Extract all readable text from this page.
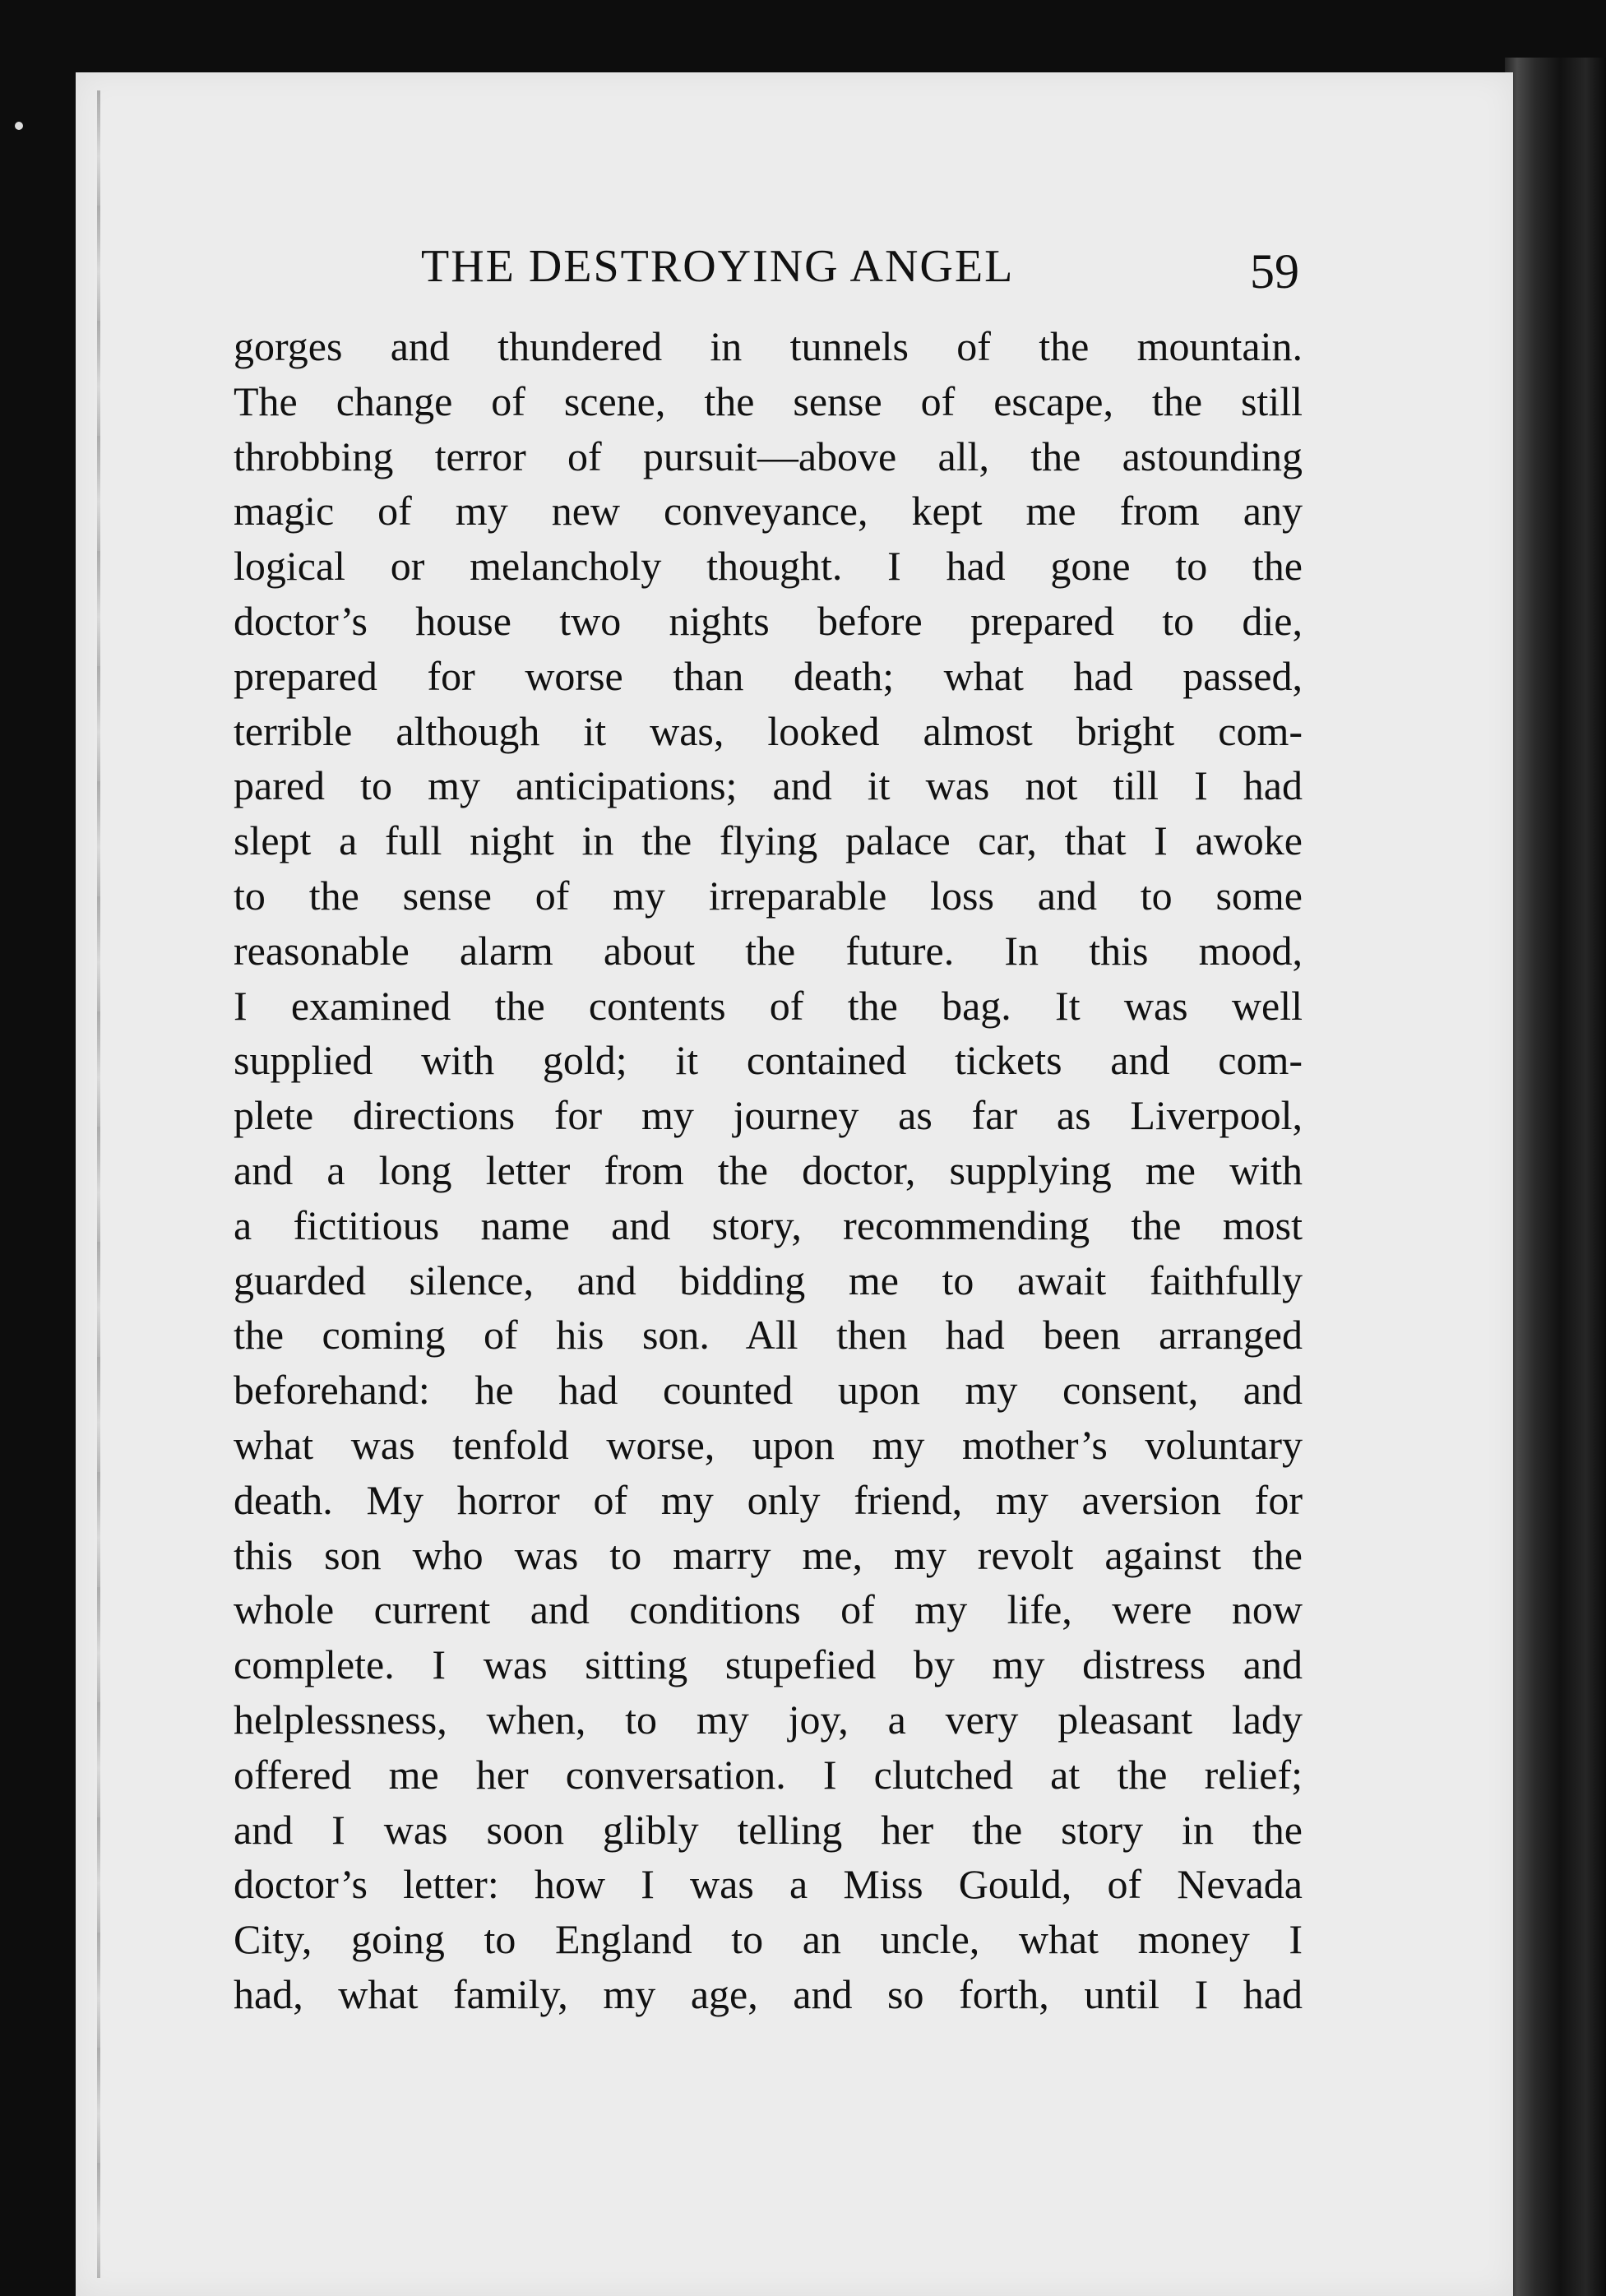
THE DESTROYING ANGEL	59
gorges and thundered in tunnels of the mountain.
The change of scene, the sense of escape, the still
throbbing terror of pursuit—above all, the astounding
magic of my new conveyance, kept me from any
logical or melancholy thought. I had gone to the
doctor’s house two nights before prepared to die,
prepared for worse than death; what had passed,
terrible although it was, looked almost bright com-
pared to my anticipations; and it was not till I had
slept a full night in the flying palace car, that I awoke
to the sense of my irreparable loss and to some
reasonable alarm about the future. In this mood,
I examined the contents of the bag. It was well
supplied with gold; it contained tickets and com-
plete directions for my journey as far as Liverpool,
and a long letter from the doctor, supplying me with
a fictitious name and story, recommending the most
guarded silence, and bidding me to await faithfully
the coming of his son. All then had been arranged
beforehand: he had counted upon my consent, and
what was tenfold worse, upon my mother’s voluntary
death. My horror of my only friend, my aversion for
this son who was to marry me, my revolt against the
whole current and conditions of my life, were now
complete. I was sitting stupefied by my distress and
helplessness, when, to my joy, a very pleasant lady
offered me her conversation. I clutched at the relief;
and I was soon glibly telling her the story in the
doctor’s letter: how I was a Miss Gould, of Nevada
City, going to England to an uncle, what money I
had, what family, my age, and so forth, until I had
